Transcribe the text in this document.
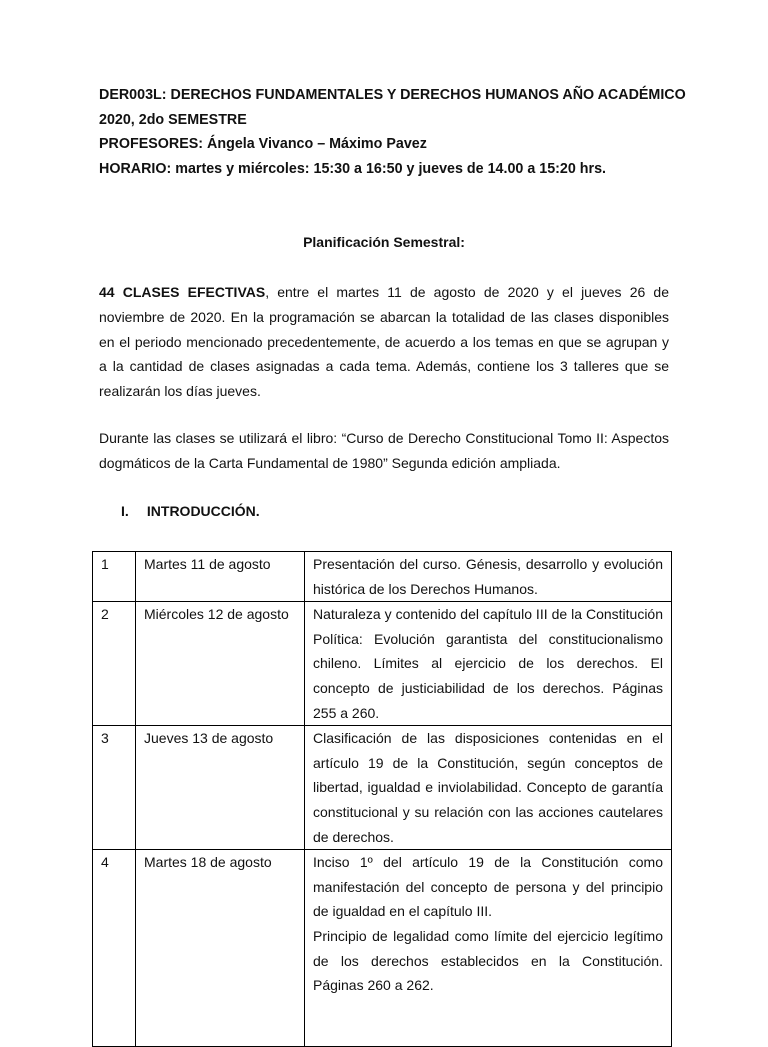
DER003L: DERECHOS FUNDAMENTALES Y DERECHOS HUMANOS AÑO ACADÉMICO
2020, 2do SEMESTRE
PROFESORES: Ángela Vivanco – Máximo Pavez
HORARIO: martes y miércoles: 15:30 a 16:50 y jueves de 14.00 a 15:20 hrs.
Planificación Semestral:
44 CLASES EFECTIVAS, entre el martes 11 de agosto de 2020 y el jueves 26 de noviembre de 2020. En la programación se abarcan la totalidad de las clases disponibles en el periodo mencionado precedentemente, de acuerdo a los temas en que se agrupan y a la cantidad de clases asignadas a cada tema. Además, contiene los 3 talleres que se realizarán los días jueves.
Durante las clases se utilizará el libro: “Curso de Derecho Constitucional Tomo II: Aspectos dogmáticos de la Carta Fundamental de 1980” Segunda edición ampliada.
I. INTRODUCCIÓN.
1	Martes 11 de agosto	Presentación del curso. Génesis, desarrollo y evolución histórica de los Derechos Humanos.

2	Miércoles 12 de agosto	Naturaleza y contenido del capítulo III de la Constitución Política: Evolución garantista del constitucionalismo chileno. Límites al ejercicio de los derechos. El concepto de justiciabilidad de los derechos. Páginas 255 a 260.

3	Jueves 13 de agosto	Clasificación de las disposiciones contenidas en el artículo 19 de la Constitución, según conceptos de libertad, igualdad e inviolabilidad. Concepto de garantía constitucional y su relación con las acciones cautelares de derechos.

4	Martes 18 de agosto	Inciso 1º del artículo 19 de la Constitución como manifestación del concepto de persona y del principio de igualdad en el capítulo III.
Principio de legalidad como límite del ejercicio legítimo de los derechos establecidos en la Constitución. Páginas 260 a 262.
